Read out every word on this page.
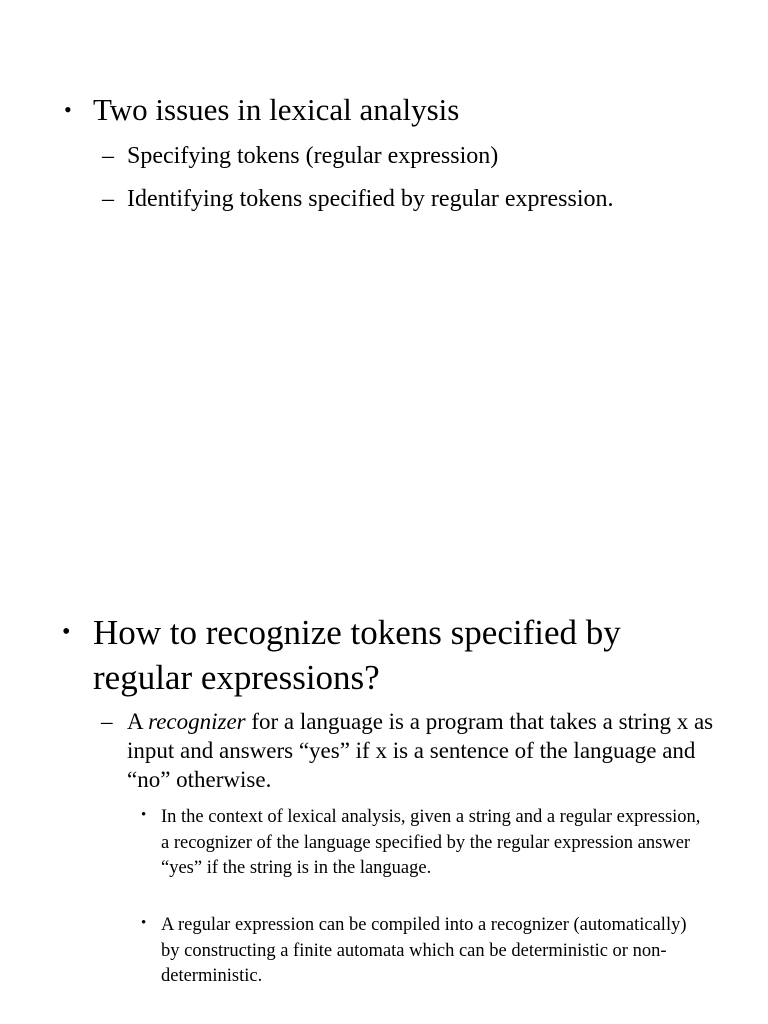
• Two issues in lexical analysis
– Specifying tokens (regular expression)
– Identifying tokens specified by regular expression.
• How to recognize tokens specified by regular expressions?
– A recognizer for a language is a program that takes a string x as input and answers “yes” if x is a sentence of the language and “no” otherwise.
• In the context of lexical analysis, given a string and a regular expression, a recognizer of the language specified by the regular expression answer “yes” if the string is in the language.
• A regular expression can be compiled into a recognizer (automatically) by constructing a finite automata which can be deterministic or non-deterministic.
